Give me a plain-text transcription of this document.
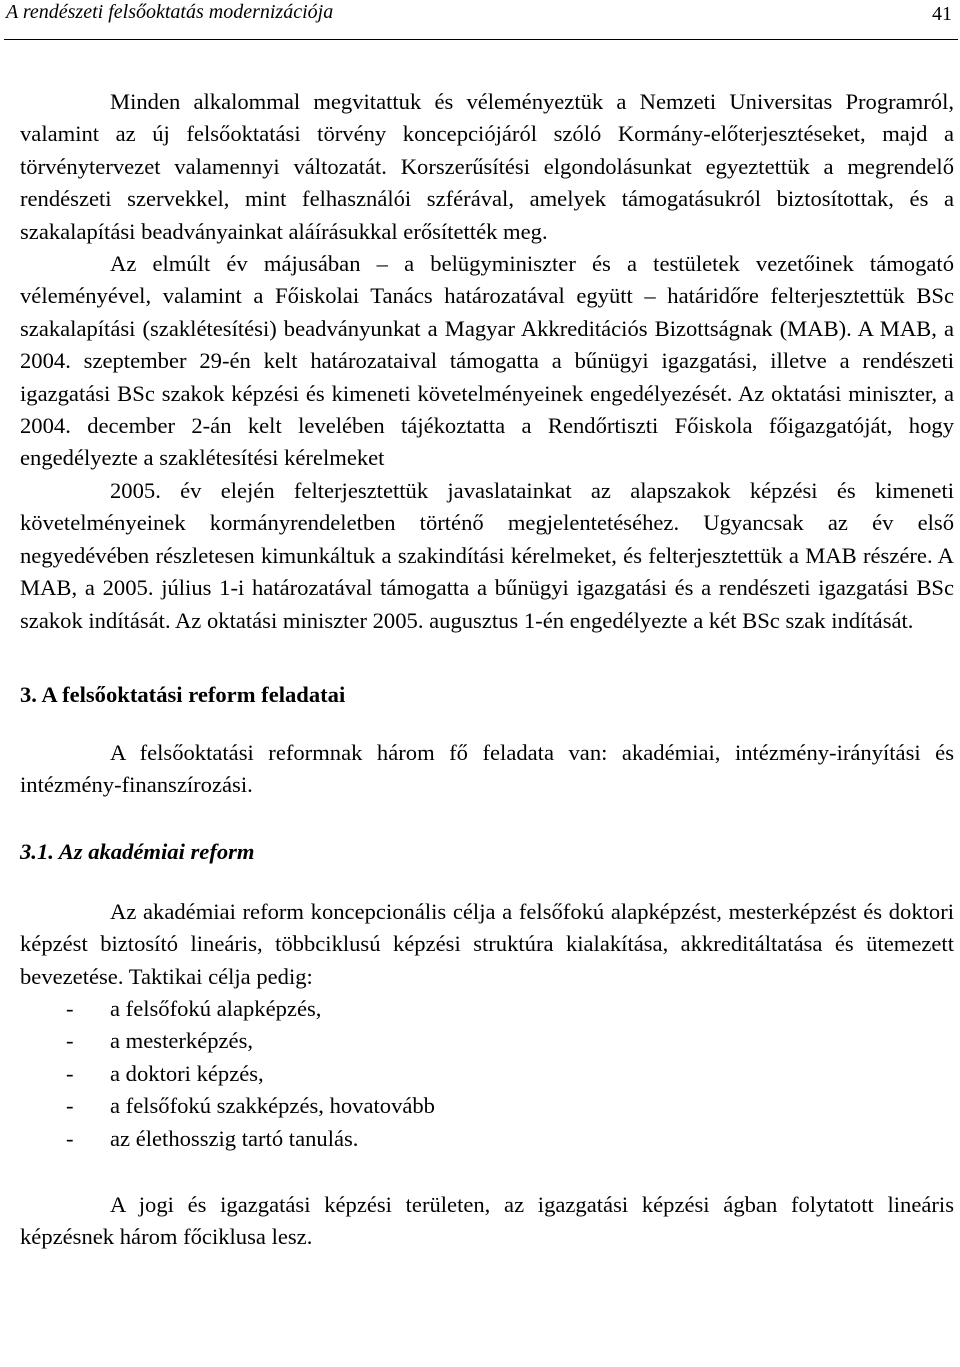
A rendészeti felsőoktatás modernizációja	41

Minden alkalommal megvitattuk és véleményeztük a Nemzeti Universitas Programról, valamint az új felsőoktatási törvény koncepciójáról szóló Kormány-előterjesztéseket, majd a törvénytervezet valamennyi változatát. Korszerűsítési elgondolásunkat egyeztettük a megrendelő rendészeti szervekkel, mint felhasználói szférával, amelyek támogatásukról biztosítottak, és a szakalapítási beadványainkat aláírásukkal erősítették meg.

Az elmúlt év májusában – a belügyminiszter és a testületek vezetőinek támogató véleményével, valamint a Főiskolai Tanács határozatával együtt – határidőre felterjesztettük BSc szakalapítási (szaklétesítési) beadványunkat a Magyar Akkreditációs Bizottságnak (MAB). A MAB, a 2004. szeptember 29-én kelt határozataival támogatta a bűnügyi igazgatási, illetve a rendészeti igazgatási BSc szakok képzési és kimeneti követelményeinek engedélyezését. Az oktatási miniszter, a 2004. december 2-án kelt levelében tájékoztatta a Rendőrtiszti Főiskola főigazgatóját, hogy engedélyezte a szaklétesítési kérelmeket

2005. év elején felterjesztettük javaslatainkat az alapszakok képzési és kimeneti követelményeinek kormányrendeletben történő megjelentetéséhez. Ugyancsak az év első negyedévében részletesen kimunkáltuk a szakindítási kérelmeket, és felterjesztettük a MAB részére. A MAB, a 2005. július 1-i határozatával támogatta a bűnügyi igazgatási és a rendészeti igazgatási BSc szakok indítását. Az oktatási miniszter 2005. augusztus 1-én engedélyezte a két BSc szak indítását.

3. A felsőoktatási reform feladatai

A felsőoktatási reformnak három fő feladata van: akadémiai, intézmény-irányítási és intézmény-finanszírozási.

3.1. Az akadémiai reform

Az akadémiai reform koncepcionális célja a felsőfokú alapképzést, mesterképzést és doktori képzést biztosító lineáris, többciklusú képzési struktúra kialakítása, akkreditáltatása és ütemezett bevezetése. Taktikai célja pedig:

- a felsőfokú alapképzés,
- a mesterképzés,
- a doktori képzés,
- a felsőfokú szakképzés, hovatovább
- az élethosszig tartó tanulás.

A jogi és igazgatási képzési területen, az igazgatási képzési ágban folytatott lineáris képzésnek három főciklusa lesz.
